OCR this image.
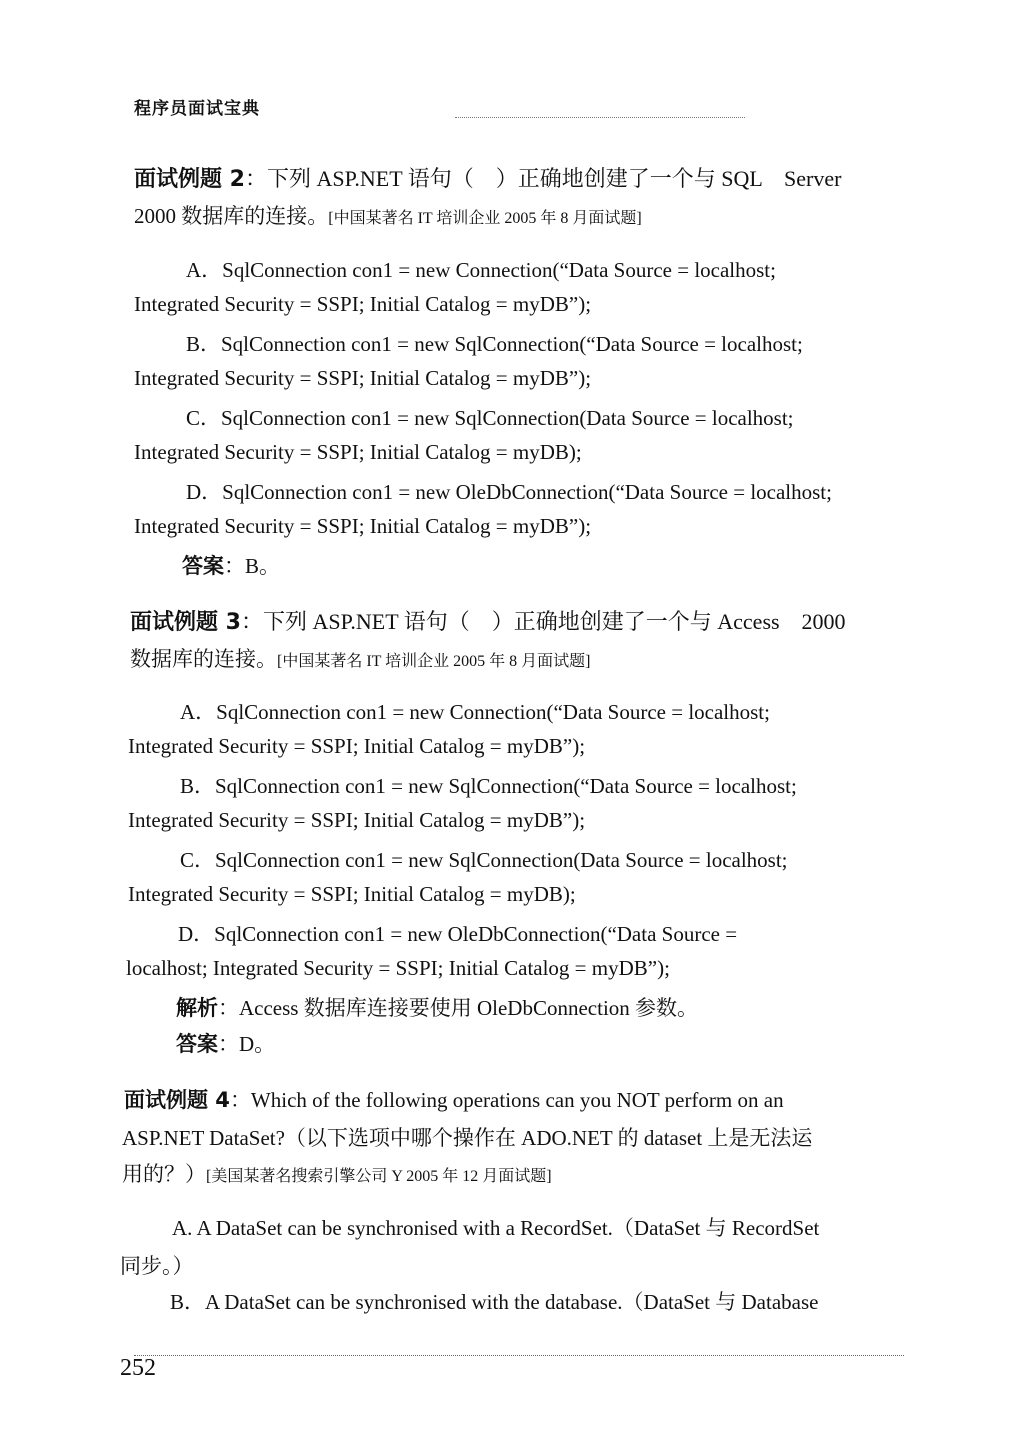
程序员面试宝典
面试例题 2：下列 ASP.NET 语句（　）正确地创建了一个与 SQL　Server
2000 数据库的连接。[中国某著名 IT 培训企业 2005 年 8 月面试题]
A．SqlConnection con1 = new Connection(“Data Source = localhost;
Integrated Security = SSPI; Initial Catalog = myDB”);
B．SqlConnection con1 = new SqlConnection(“Data Source = localhost;
Integrated Security = SSPI; Initial Catalog = myDB”);
C．SqlConnection con1 = new SqlConnection(Data Source = localhost;
Integrated Security = SSPI; Initial Catalog = myDB);
D．SqlConnection con1 = new OleDbConnection(“Data Source = localhost;
Integrated Security = SSPI; Initial Catalog = myDB”);
答案：B。
面试例题 3：下列 ASP.NET 语句（　）正确地创建了一个与 Access　2000
数据库的连接。[中国某著名 IT 培训企业 2005 年 8 月面试题]
A．SqlConnection con1 = new Connection(“Data Source = localhost;
Integrated Security = SSPI; Initial Catalog = myDB”);
B．SqlConnection con1 = new SqlConnection(“Data Source = localhost;
Integrated Security = SSPI; Initial Catalog = myDB”);
C．SqlConnection con1 = new SqlConnection(Data Source = localhost;
Integrated Security = SSPI; Initial Catalog = myDB);
D．SqlConnection con1 = new OleDbConnection(“Data Source =
localhost; Integrated Security = SSPI; Initial Catalog = myDB”);
解析：Access 数据库连接要使用 OleDbConnection 参数。
答案：D。
面试例题 4：Which of the following operations can you NOT perform on an
ASP.NET DataSet?（以下选项中哪个操作在 ADO.NET 的 dataset 上是无法运
用的？）[美国某著名搜索引擎公司 Y 2005 年 12 月面试题]
A. A DataSet can be synchronised with a RecordSet.（DataSet 与 RecordSet
同步。）
B．A DataSet can be synchronised with the database.（DataSet 与 Database
252
